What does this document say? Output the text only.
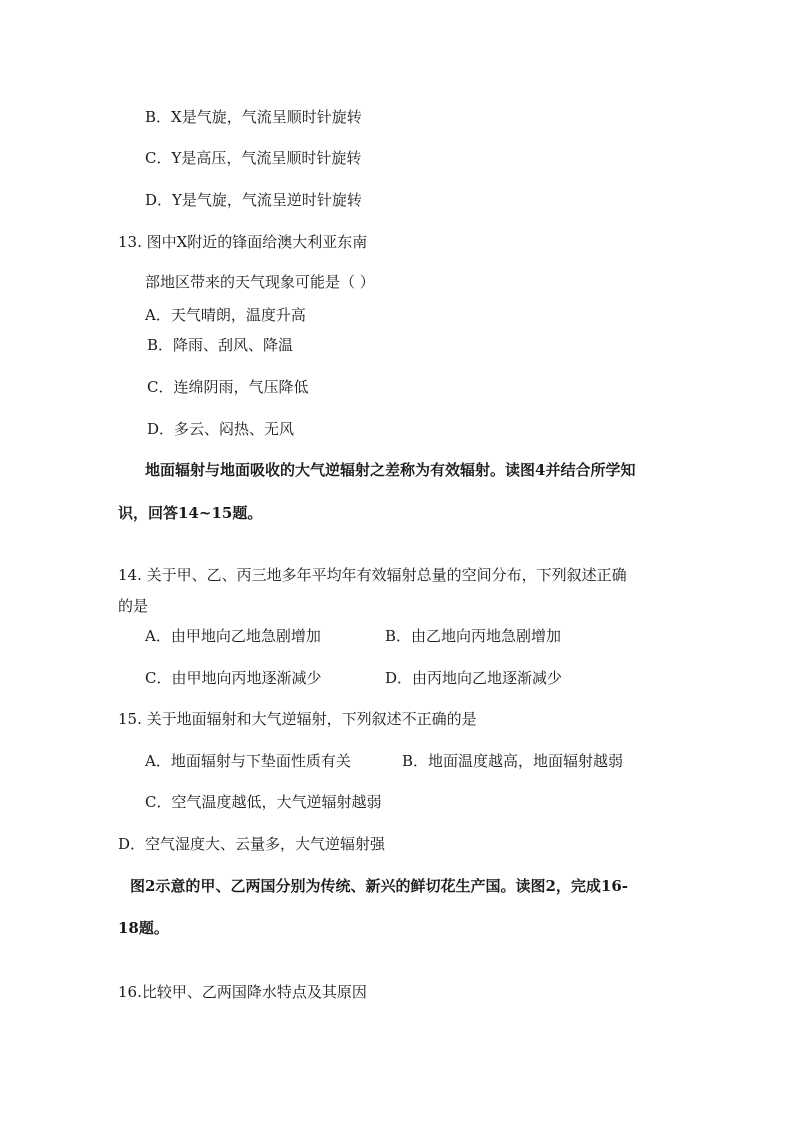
B．X是气旋，气流呈顺时针旋转
C．Y是高压，气流呈顺时针旋转
D．Y是气旋，气流呈逆时针旋转
13. 图中X附近的锋面给澳大利亚东南
部地区带来的天气现象可能是（ ）
A．天气晴朗，温度升高
B．降雨、刮风、降温
C．连绵阴雨，气压降低
D．多云、闷热、无风
地面辐射与地面吸收的大气逆辐射之差称为有效辐射。读图4并结合所学知
识，回答14~15题。
14. 关于甲、乙、丙三地多年平均年有效辐射总量的空间分布，下列叙述正确
的是
A．由甲地向乙地急剧增加	B．由乙地向丙地急剧增加
C．由甲地向丙地逐渐减少	D．由丙地向乙地逐渐减少
15. 关于地面辐射和大气逆辐射，下列叙述不正确的是
A．地面辐射与下垫面性质有关	B．地面温度越高，地面辐射越弱
C．空气温度越低，大气逆辐射越弱
D．空气湿度大、云量多，大气逆辐射强
图2示意的甲、乙两国分别为传统、新兴的鲜切花生产国。读图2，完成16-
18题。
16.比较甲、乙两国降水特点及其原因
